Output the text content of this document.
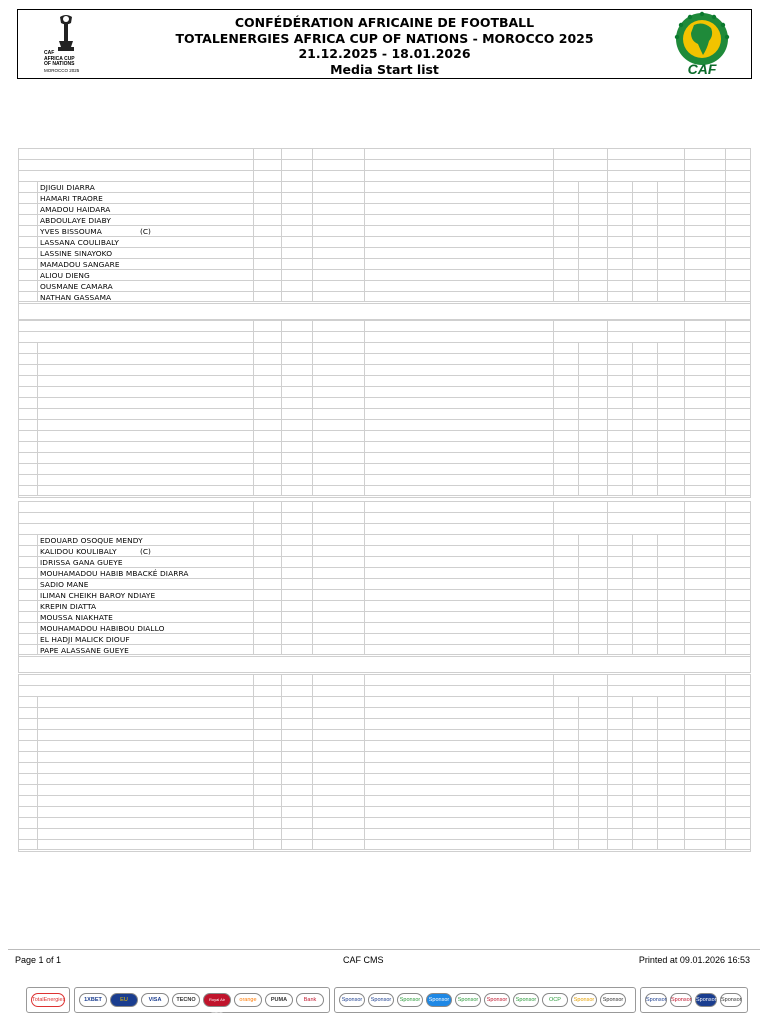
CAF
AFRICA CUP
OF NATIONS
MOROCCO 2025
CONFÉDÉRATION AFRICAINE DE FOOTBALL
TOTALENERGIES AFRICA CUP OF NATIONS - MOROCCO 2025
21.12.2025 - 18.01.2026
Media Start list	CAF
DJIGUI DIARRA
HAMARI TRAORE
AMADOU HAIDARA
ABDOULAYE DIABY
YVES BISSOUMA	(C)
LASSANA COULIBALY
LASSINE SINAYOKO
MAMADOU SANGARE
ALIOU DIENG
OUSMANE CAMARA
NATHAN GASSAMA
EDOUARD OSOQUE MENDY
KALIDOU KOULIBALY	(C)
IDRISSA GANA GUEYE
MOUHAMADOU HABIB MBACKÉ DIARRA
SADIO MANE
ILIMAN CHEIKH BAROY NDIAYE
KREPIN DIATTA
MOUSSA NIAKHATE
MOUHAMADOU HABIBOU DIALLO
EL HADJI MALICK DIOUF
PAPE ALASSANE GUEYE
Page 1 of 1	CAF CMS	Printed at 09.01.2026 16:53
TotalEnergies	1XBET	EU	VISA	TECNO	Royal Air Maroc
orange	PUMA	Bank	Sponsor	Sponsor	Sponsor	Sponsor	Sponsor	Sponsor	Sponsor	OCP	Sponsor	Sponsor	Sponsor Sponsor Sponsor Sponsor
